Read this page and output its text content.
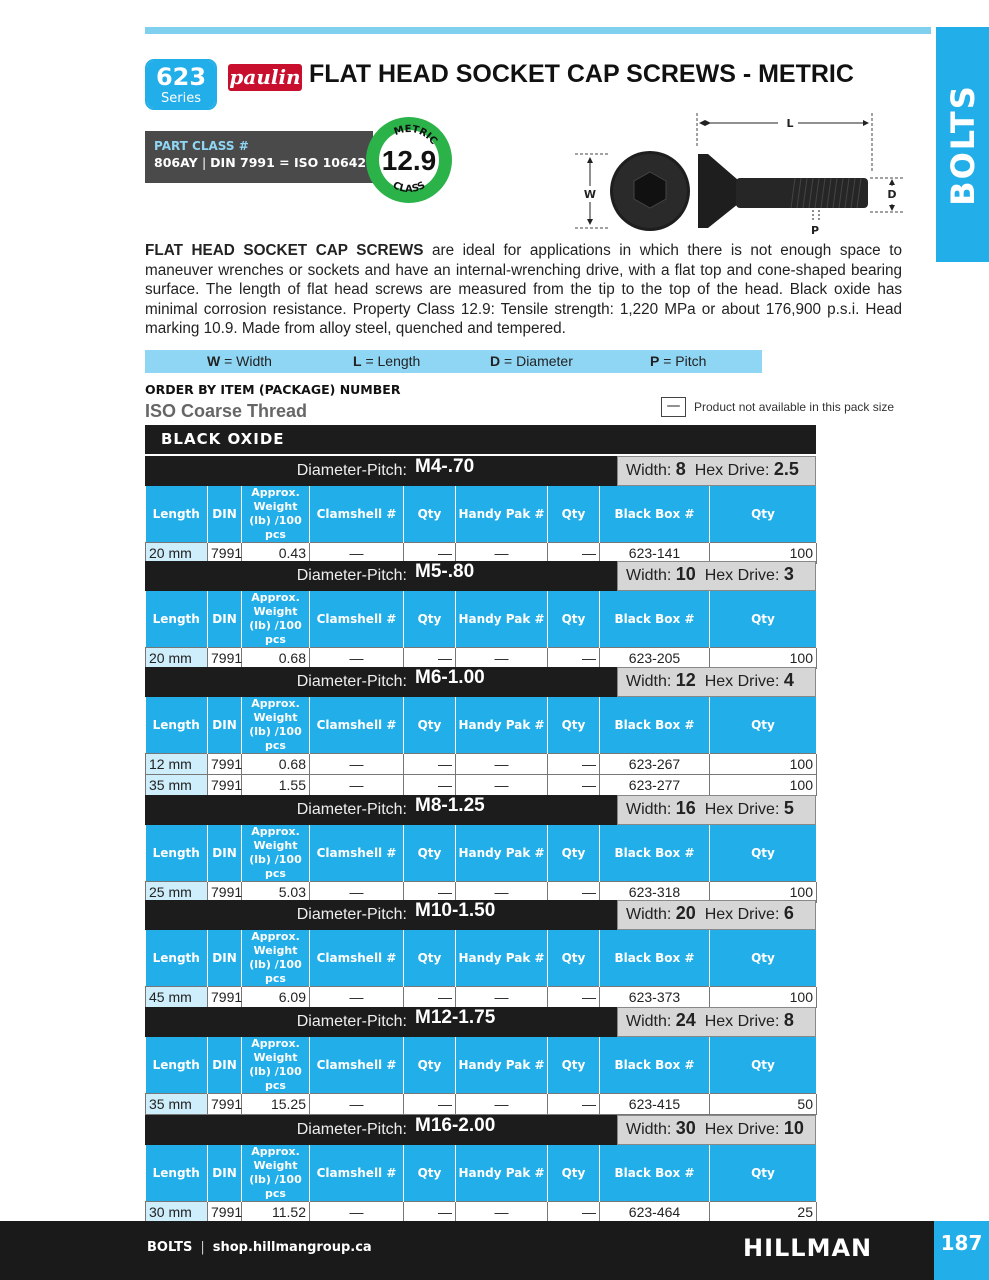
BOLTS
623
Series
paulin FLAT HEAD SOCKET CAP SCREWS - METRIC
PART CLASS #
806AY | DIN 7991 = ISO 10642
METRIC
CLASS
12.9
L
W	D
P
FLAT HEAD SOCKET CAP SCREWS are ideal for applications in which there is not enough space to maneuver wrenches or sockets and have an internal-wrenching drive, with a flat top and cone-shaped bearing surface. The length of flat head screws are measured from the tip to the top of the head. Black oxide has minimal corrosion resistance. Property Class 12.9: Tensile strength: 1,220 MPa or about 176,900 p.s.i. Head marking 10.9. Made from alloy steel, quenched and tempered.
W = Width	L = Length	D = Diameter	P = Pitch
ORDER BY ITEM (PACKAGE) NUMBER
ISO Coarse Thread	—	Product not available in this pack size
BLACK OXIDE
Diameter-Pitch: M4-.70	Width: 8 Hex Drive: 2.5
Length	DIN	Approx. Weight (lb) /100 pcs	Clamshell #	Qty	Handy Pak #	Qty	Black Box #	Qty
20 mm	7991	0.43	—	—	—	—	623-141	100
Diameter-Pitch: M5-.80	Width: 10 Hex Drive: 3
Length	DIN	Approx. Weight (lb) /100 pcs	Clamshell #	Qty	Handy Pak #	Qty	Black Box #	Qty
20 mm	7991	0.68	—	—	—	—	623-205	100
Diameter-Pitch: M6-1.00	Width: 12 Hex Drive: 4
Length	DIN	Approx. Weight (lb) /100 pcs	Clamshell #	Qty	Handy Pak #	Qty	Black Box #	Qty
12 mm	7991	0.68	—	—	—	—	623-267	100
35 mm	7991	1.55	—	—	—	—	623-277	100
Diameter-Pitch: M8-1.25	Width: 16 Hex Drive: 5
Length	DIN	Approx. Weight (lb) /100 pcs	Clamshell #	Qty	Handy Pak #	Qty	Black Box #	Qty
25 mm	7991	5.03	—	—	—	—	623-318	100
Diameter-Pitch: M10-1.50	Width: 20 Hex Drive: 6
Length	DIN	Approx. Weight (lb) /100 pcs	Clamshell #	Qty	Handy Pak #	Qty	Black Box #	Qty
45 mm	7991	6.09	—	—	—	—	623-373	100
Diameter-Pitch: M12-1.75	Width: 24 Hex Drive: 8
Length	DIN	Approx. Weight (lb) /100 pcs	Clamshell #	Qty	Handy Pak #	Qty	Black Box #	Qty
35 mm	7991	15.25	—	—	—	—	623-415	50
Diameter-Pitch: M16-2.00	Width: 30 Hex Drive: 10
Length	DIN	Approx. Weight (lb) /100 pcs	Clamshell #	Qty	Handy Pak #	Qty	Black Box #	Qty
30 mm	7991	11.52	—	—	—	—	623-464	25
BOLTS | shop.hillmangroup.ca	HILLMAN	187
